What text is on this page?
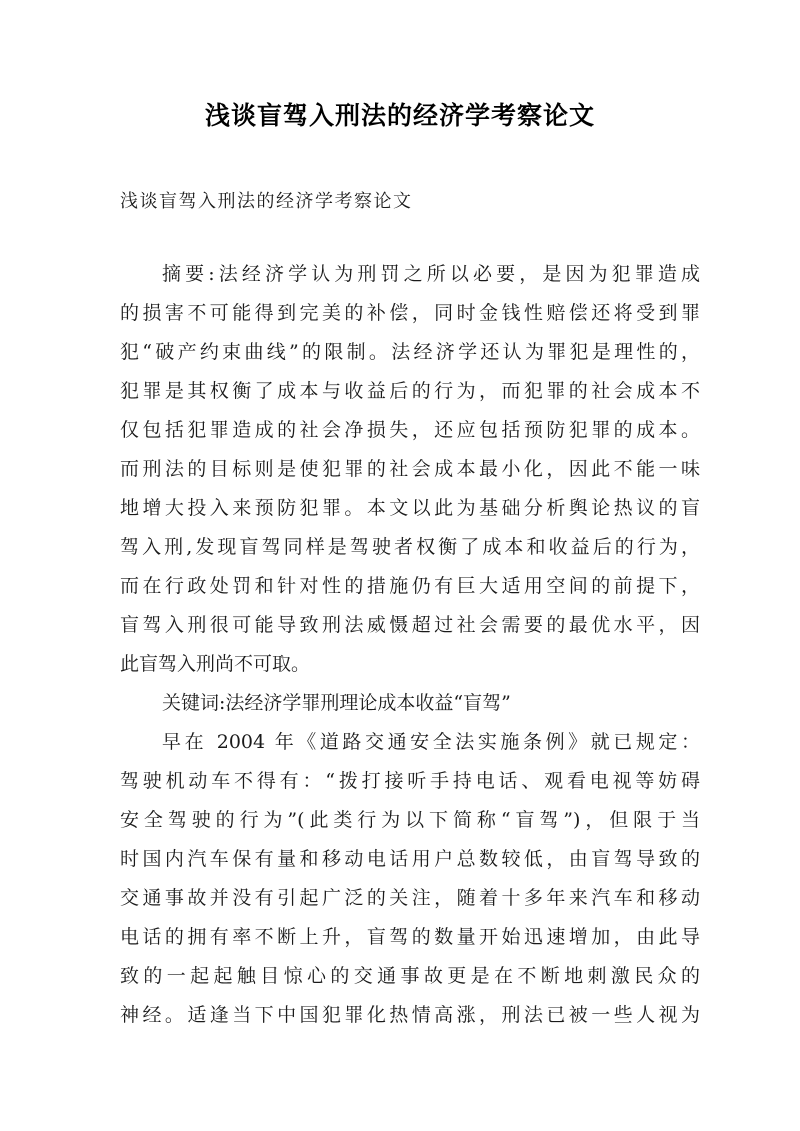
浅谈盲驾入刑法的经济学考察论文
浅谈盲驾入刑法的经济学考察论文
摘要:法经济学认为刑罚之所以必要，是因为犯罪造成
的损害不可能得到完美的补偿，同时金钱性赔偿还将受到罪
犯“破产约束曲线”的限制。法经济学还认为罪犯是理性的，
犯罪是其权衡了成本与收益后的行为，而犯罪的社会成本不
仅包括犯罪造成的社会净损失，还应包括预防犯罪的成本。
而刑法的目标则是使犯罪的社会成本最小化，因此不能一味
地增大投入来预防犯罪。本文以此为基础分析舆论热议的盲
驾入刑,发现盲驾同样是驾驶者权衡了成本和收益后的行为，
而在行政处罚和针对性的措施仍有巨大适用空间的前提下，
盲驾入刑很可能导致刑法威慑超过社会需要的最优水平，因
此盲驾入刑尚不可取。
关键词:法经济学罪刑理论成本收益“盲驾”
早在 2004 年《道路交通安全法实施条例》就已规定：
驾驶机动车不得有：“拨打接听手持电话、观看电视等妨碍
安全驾驶的行为”(此类行为以下简称“盲驾”)，但限于当
时国内汽车保有量和移动电话用户总数较低，由盲驾导致的
交通事故并没有引起广泛的关注，随着十多年来汽车和移动
电话的拥有率不断上升，盲驾的数量开始迅速增加，由此导
致的一起起触目惊心的交通事故更是在不断地刺激民众的
神经。适逢当下中国犯罪化热情高涨，刑法已被一些人视为
